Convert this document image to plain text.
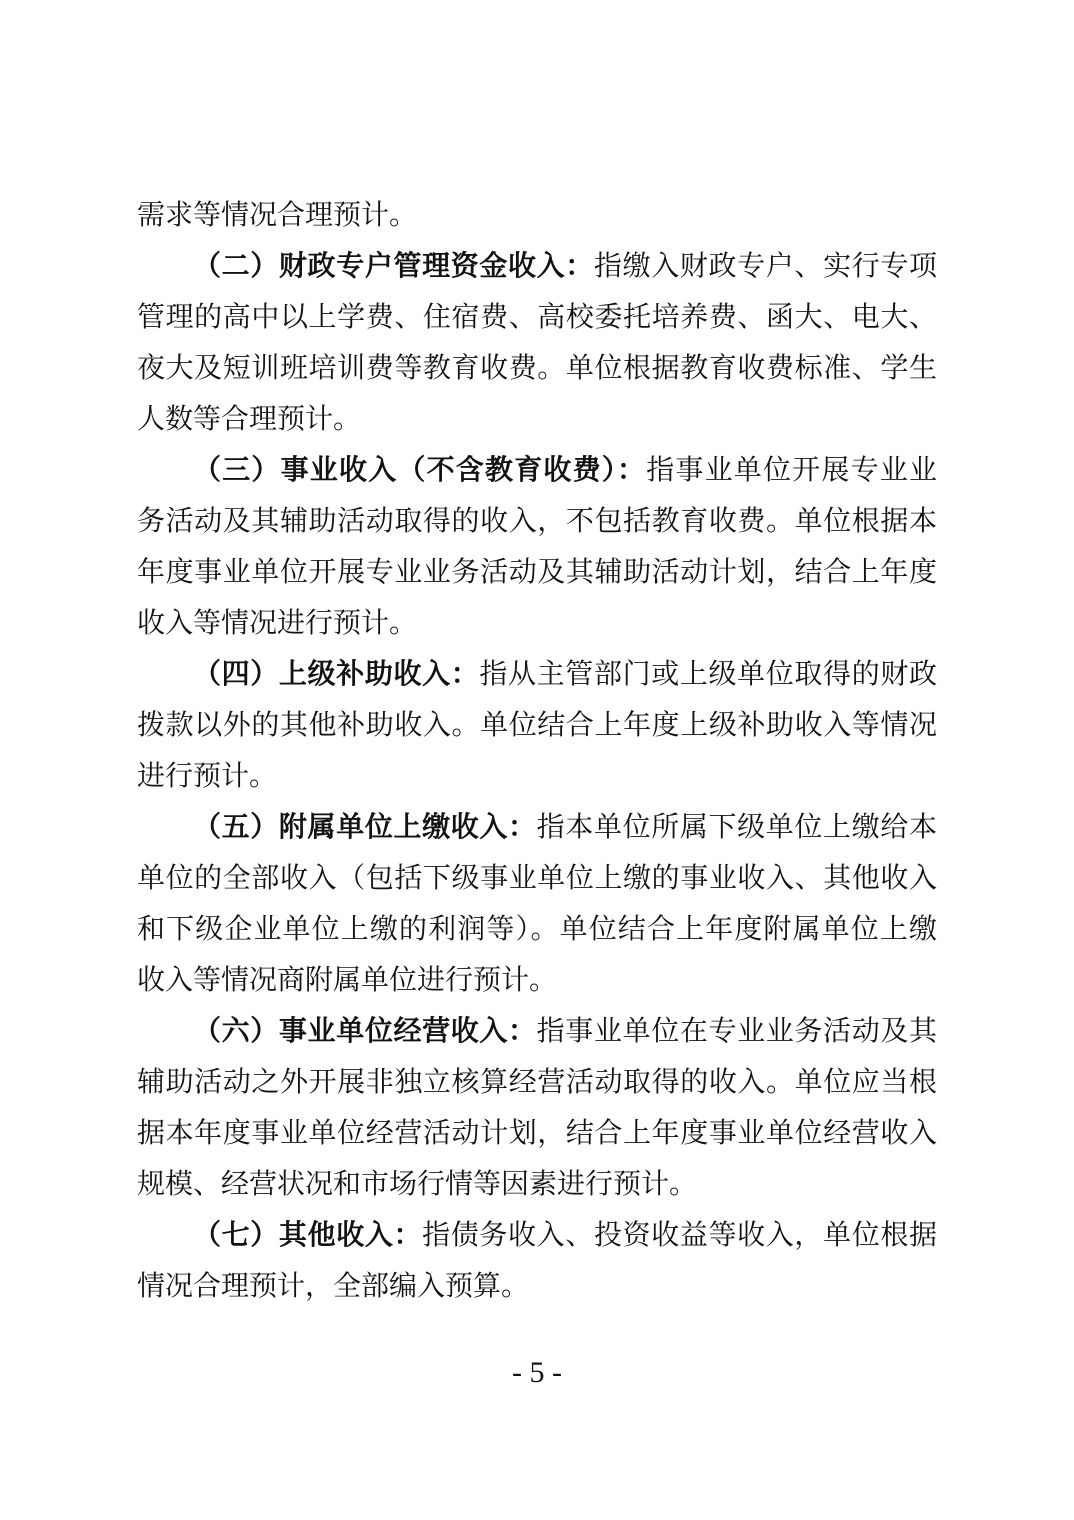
需求等情况合理预计。
（二）财政专户管理资金收入：指缴入财政专户、实行专项
管理的高中以上学费、住宿费、高校委托培养费、函大、电大、
夜大及短训班培训费等教育收费。单位根据教育收费标准、学生
人数等合理预计。
（三）事业收入（不含教育收费）：指事业单位开展专业业
务活动及其辅助活动取得的收入，不包括教育收费。单位根据本
年度事业单位开展专业业务活动及其辅助活动计划，结合上年度
收入等情况进行预计。
（四）上级补助收入：指从主管部门或上级单位取得的财政
拨款以外的其他补助收入。单位结合上年度上级补助收入等情况
进行预计。
（五）附属单位上缴收入：指本单位所属下级单位上缴给本
单位的全部收入（包括下级事业单位上缴的事业收入、其他收入
和下级企业单位上缴的利润等）。单位结合上年度附属单位上缴
收入等情况商附属单位进行预计。
（六）事业单位经营收入：指事业单位在专业业务活动及其
辅助活动之外开展非独立核算经营活动取得的收入。单位应当根
据本年度事业单位经营活动计划，结合上年度事业单位经营收入
规模、经营状况和市场行情等因素进行预计。
（七）其他收入：指债务收入、投资收益等收入，单位根据
情况合理预计，全部编入预算。
- 5 -
